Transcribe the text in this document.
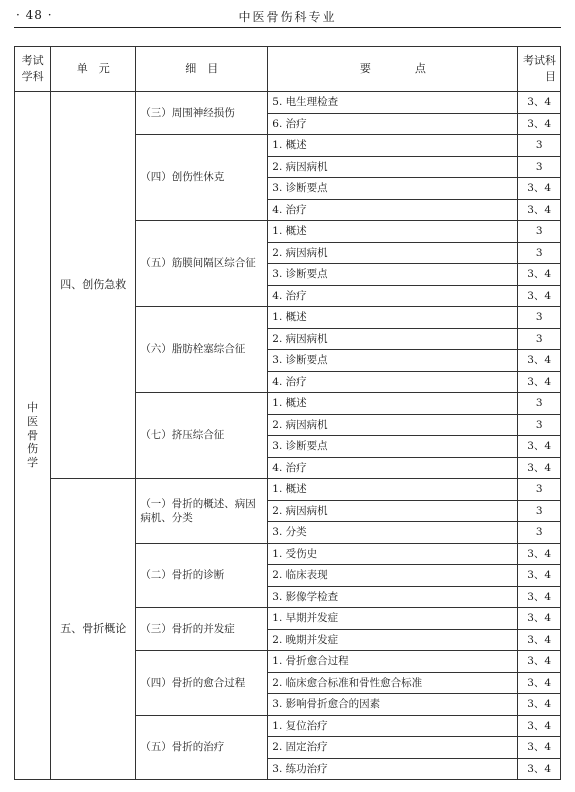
· 48 ·	中医骨伤科专业
考试学科	单　元	细　目	要　　　　点	考试科目

中医骨伤学	四、创伤急救	（三）周围神经损伤	5. 电生理检查	3、4
			6. 治疗	3、4
		（四）创伤性休克	1. 概述	3
			2. 病因病机	3
			3. 诊断要点	3、4
			4. 治疗	3、4
		（五）筋膜间隔区综合征	1. 概述	3
			2. 病因病机	3
			3. 诊断要点	3、4
			4. 治疗	3、4
		（六）脂肪栓塞综合征	1. 概述	3
			2. 病因病机	3
			3. 诊断要点	3、4
			4. 治疗	3、4
		（七）挤压综合征	1. 概述	3
			2. 病因病机	3
			3. 诊断要点	3、4
			4. 治疗	3、4
	五、骨折概论	（一）骨折的概述、病因病机、分类	1. 概述	3
			2. 病因病机	3
			3. 分类	3
		（二）骨折的诊断	1. 受伤史	3、4
			2. 临床表现	3、4
			3. 影像学检查	3、4
		（三）骨折的并发症	1. 早期并发症	3、4
			2. 晚期并发症	3、4
		（四）骨折的愈合过程	1. 骨折愈合过程	3、4
			2. 临床愈合标准和骨性愈合标准	3、4
			3. 影响骨折愈合的因素	3、4
		（五）骨折的治疗	1. 复位治疗	3、4
			2. 固定治疗	3、4
			3. 练功治疗	3、4
